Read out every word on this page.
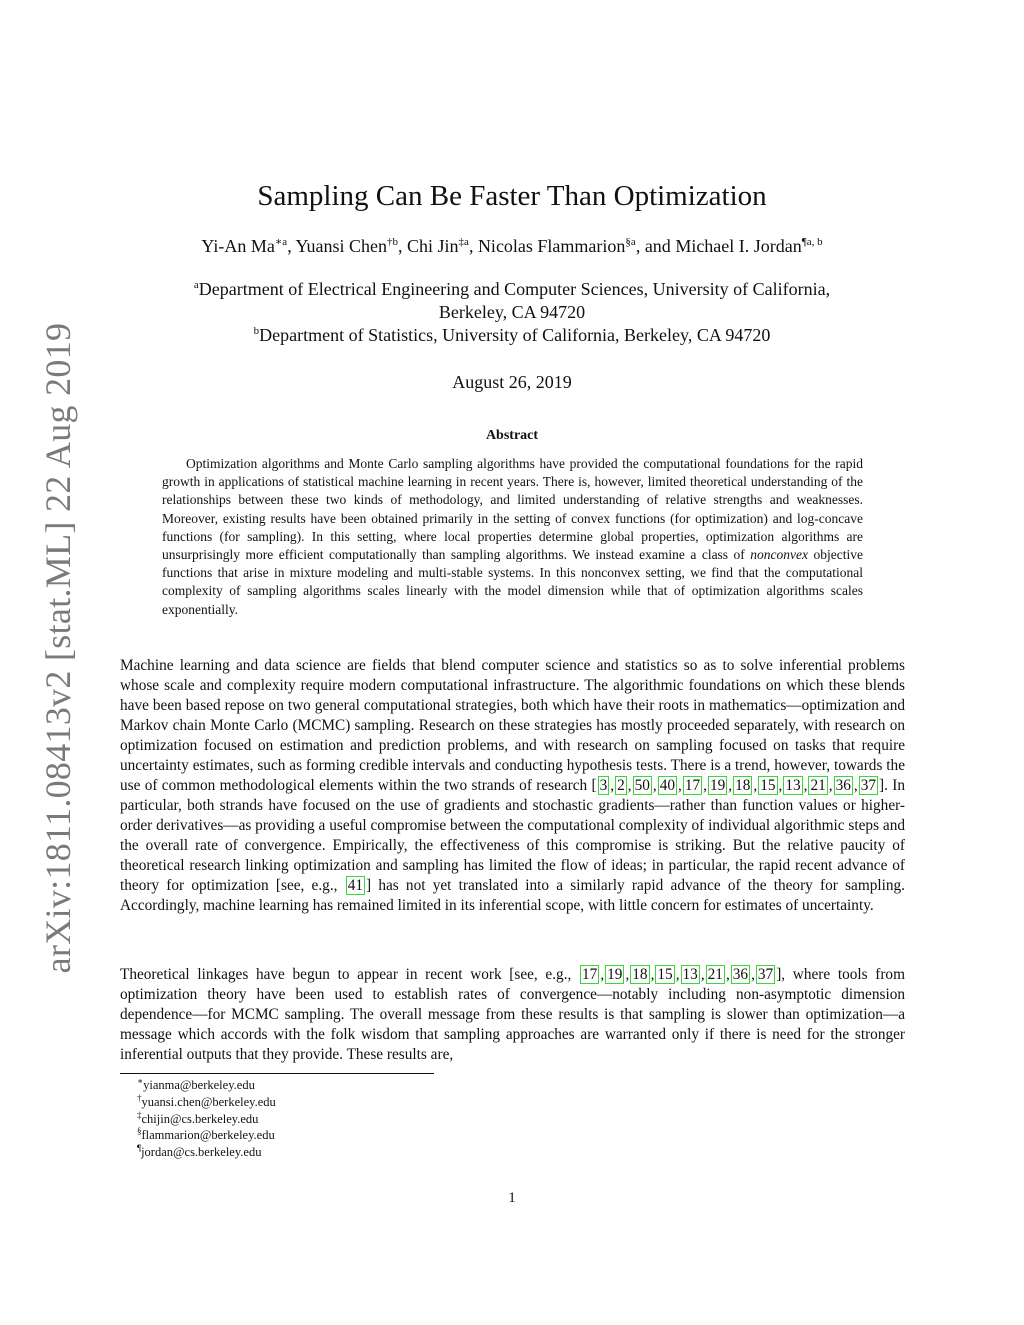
arXiv:1811.08413v2 [stat.ML] 22 Aug 2019
Sampling Can Be Faster Than Optimization
Yi-An $Ma^{∗a}$, Yuansi Chen$^{\dagger b}$, Chi Jin$^{\ddagger a}$, Nicolas Flammarion$^{\S a}$, and Michael I. Jordan$^{\P a, b}$
$^a$Department of Electrical Engineering and Computer Sciences, University of California,
Berkeley, CA 94720
$^b$Department of Statistics, University of California, Berkeley, CA 94720
August 26, 2019
Abstract
Optimization algorithms and Monte Carlo sampling algorithms have provided the computational foundations for the rapid growth in applications of statistical machine learning in recent years. There is, however, limited theoretical understanding of the relationships between these two kinds of methodology, and limited understanding of relative strengths and weaknesses. Moreover, existing results have been obtained primarily in the setting of convex functions (for optimization) and log-concave functions (for sampling). In this setting, where local properties determine global properties, optimization algorithms are unsurprisingly more efficient computationally than sampling algorithms. We instead examine a class of nonconvex objective functions that arise in mixture modeling and multi-stable systems. In this nonconvex setting, we find that the computational complexity of sampling algorithms scales linearly with the model dimension while that of optimization algorithms scales exponentially.
Machine learning and data science are fields that blend computer science and statistics so as to solve inferential problems whose scale and complexity require modern computational infrastructure. The algorithmic foundations on which these blends have been based repose on two general computational strategies, both which have their roots in mathematics—optimization and Markov chain Monte Carlo (MCMC) sampling. Research on these strategies has mostly proceeded separately, with research on optimization focused on estimation and prediction problems, and with research on sampling focused on tasks that require uncertainty estimates, such as forming credible intervals and conducting hypothesis tests. There is a trend, however, towards the use of common methodological elements within the two strands of research [ 3 , 2 , 50 , 40 , 17 , 19 , 18 , 15 , 13 , 21 , 36 , 37 ]. In particular, both strands have focused on the use of gradients and stochastic gradients—rather than function values or higher-order derivatives—as providing a useful compromise between the computational complexity of individual algorithmic steps and the overall rate of convergence. Empirically, the effectiveness of this compromise is striking. But the relative paucity of theoretical research linking optimization and sampling has limited the flow of ideas; in particular, the rapid recent advance of theory for optimization [see, e.g., 41 ] has not yet translated into a similarly rapid advance of the theory for sampling. Accordingly, machine learning has remained limited in its inferential scope, with little concern for estimates of uncertainty.
Theoretical linkages have begun to appear in recent work [see, e.g., 17 , 19 , 18 , 15 , 13 , 21 , 36 , 37 ], where tools from optimization theory have been used to establish rates of convergence—notably including non-asymptotic dimension dependence—for MCMC sampling. The overall message from these results is that sampling is slower than optimization—a message which accords with the folk wisdom that sampling approaches are warranted only if there is need for the stronger inferential outputs that they provide. These results are,
∗yianma@berkeley.edu
†yuansi.chen@berkeley.edu
‡chijin@cs.berkeley.edu
§flammarion@berkeley.edu
¶jordan@cs.berkeley.edu
1
